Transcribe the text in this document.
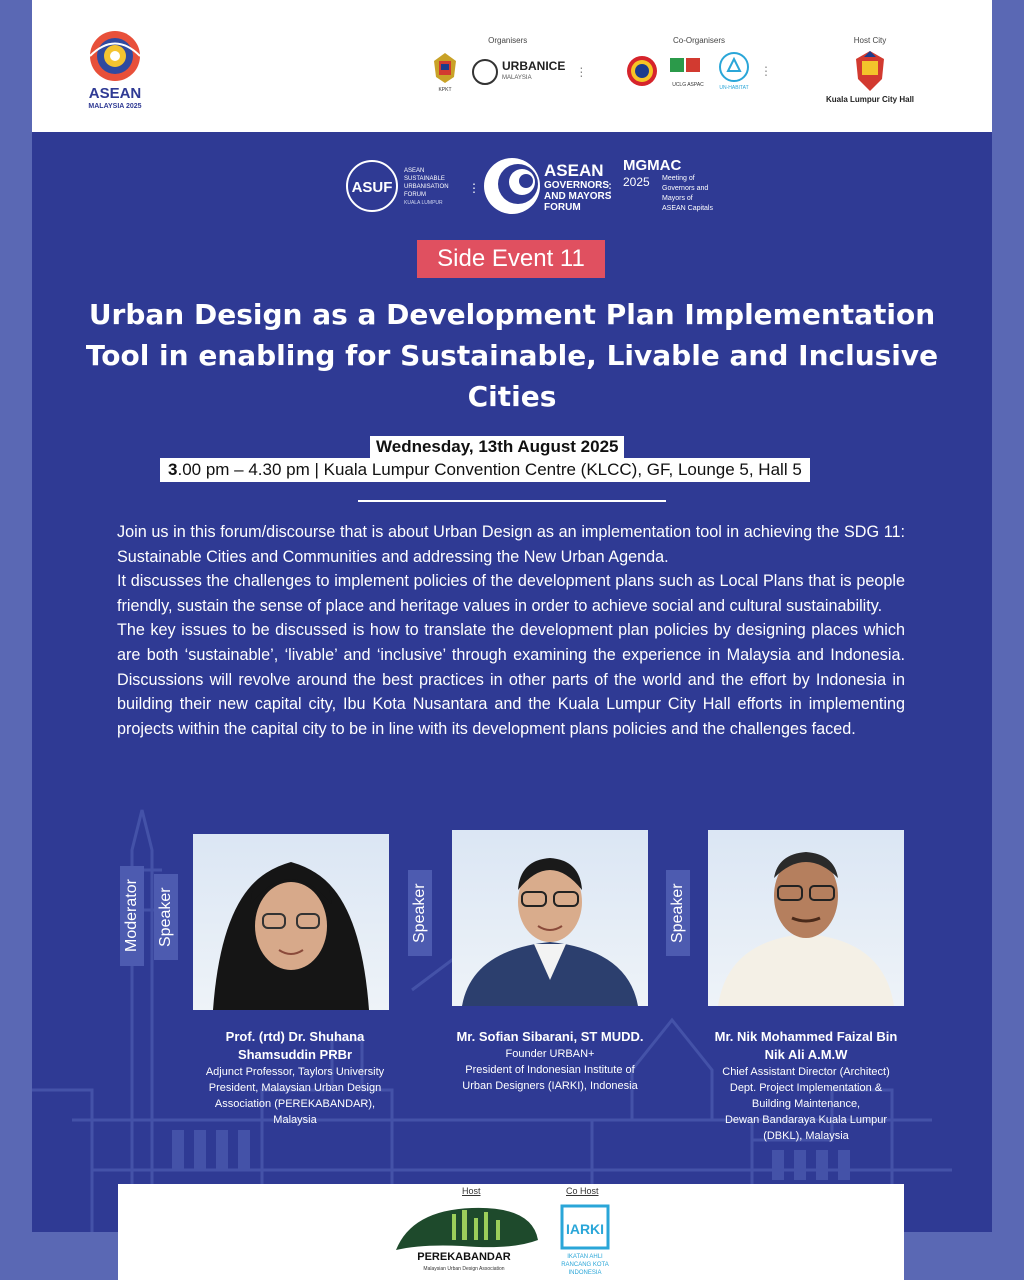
ASEAN
MALAYSIA 2025
Organisers
KPKT
URBANICE
MALAYSIA	⋮
Co-Organisers
UCLG ASPAC	UN-HABITAT
⋮
Host City
Kuala Lumpur City Hall
ASUF
ASEAN
SUSTAINABLE
URBANISATION
FORUM
KUALA LUMPUR
⋮
ASEAN
GOVERNORS
AND MAYORS
FORUM
⋮
MGMAC
2025 Meeting of
Governors and
Mayors of
ASEAN Capitals
Side Event 11
Urban Design as a Development Plan Implementation
Tool in enabling for Sustainable, Livable and Inclusive
Cities
Wednesday, 13th August 2025
3.00 pm – 4.30 pm | Kuala Lumpur Convention Centre (KLCC), GF, Lounge 5, Hall 5

Join us in this forum/discourse that is about Urban Design as an implementation tool in achieving the SDG 11: Sustainable Cities and Communities and addressing the New Urban Agenda.

It discusses the challenges to implement policies of the development plans such as Local Plans that is people friendly, sustain the sense of place and heritage values in order to achieve social and cultural sustainability.

The key issues to be discussed is how to translate the development plan policies by designing places which are both ‘sustainable’, ‘livable’ and ‘inclusive’ through examining the experience in Malaysia and Indonesia. Discussions will revolve around the best practices in other parts of the world and the effort by Indonesia in building their new capital city, Ibu Kota Nusantara and the Kuala Lumpur City Hall efforts in implementing projects within the capital city to be in line with its development plans policies and the challenges faced.

Moderator Speaker
Prof. (rtd) Dr. Shuhana
Shamsuddin PRBr
Adjunct Professor, Taylors University
President, Malaysian Urban Design
Association (PEREKABANDAR),
Malaysia
Speaker
Mr. Sofian Sibarani, ST MUDD.
Founder URBAN+
President of Indonesian Institute of
Urban Designers (IARKI), Indonesia
Speaker
Mr. Nik Mohammed Faizal Bin
Nik Ali A.M.W
Chief Assistant Director (Architect)
Dept. Project Implementation &
Building Maintenance,
Dewan Bandaraya Kuala Lumpur
(DBKL), Malaysia
Host	Co Host
PEREKABANDAR
Malaysian Urban Design Association
IARKI
IKATAN AHLI
RANCANG KOTA
INDONESIA
